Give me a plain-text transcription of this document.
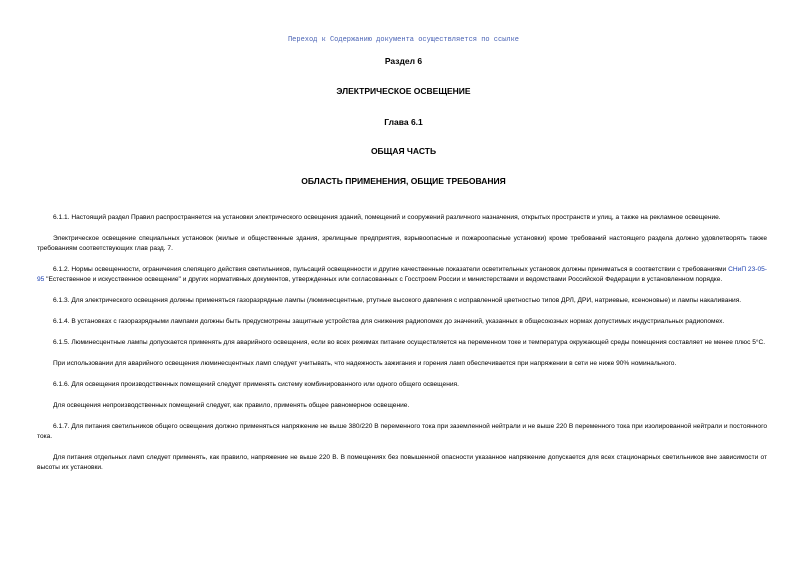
Переход к Содержанию документа осуществляется по ссылке
Раздел 6
ЭЛЕКТРИЧЕСКОЕ ОСВЕЩЕНИЕ
Глава 6.1
ОБЩАЯ ЧАСТЬ
ОБЛАСТЬ ПРИМЕНЕНИЯ, ОБЩИЕ ТРЕБОВАНИЯ

6.1.1. Настоящий раздел Правил распространяется на установки электрического освещения зданий, помещений и сооружений различного назначения, открытых пространств и улиц, а также на рекламное освещение.

Электрическое освещение специальных установок (жилые и общественные здания, зрелищные предприятия, взрывоопасные и пожароопасные установки) кроме требований настоящего раздела должно удовлетворять также требованиям соответствующих глав разд. 7.

6.1.2. Нормы освещенности, ограничения слепящего действия светильников, пульсаций освещенности и другие качественные показатели осветительных установок должны приниматься в соответствии с требованиями СНиП 23-05-95 "Естественное и искусственное освещение" и других нормативных документов, утвержденных или согласованных с Госстроем России и министерствами и ведомствами Российской Федерации в установленном порядке.

6.1.3. Для электрического освещения должны применяться газоразрядные лампы (люминесцентные, ртутные высокого давления с исправленной цветностью типов ДРЛ, ДРИ, натриевые, ксеноновые) и лампы накаливания.

6.1.4. В установках с газоразрядными лампами должны быть предусмотрены защитные устройства для снижения радиопомех до значений, указанных в общесоюзных нормах допустимых индустриальных радиопомех.

6.1.5. Люминесцентные лампы допускается применять для аварийного освещения, если во всех режимах питание осуществляется на переменном токе и температура окружающей среды помещения составляет не менее плюс 5°С.

При использовании для аварийного освещения люминесцентных ламп следует учитывать, что надежность зажигания и горения ламп обеспечивается при напряжении в сети не ниже 90% номинального.

6.1.6. Для освещения производственных помещений следует применять систему комбинированного или одного общего освещения.

Для освещения непроизводственных помещений следует, как правило, применять общее равномерное освещение.

6.1.7. Для питания светильников общего освещения должно применяться напряжение не выше 380/220 В переменного тока при заземленной нейтрали и не выше 220 В переменного тока при изолированной нейтрали и постоянного тока.

Для питания отдельных ламп следует применять, как правило, напряжение не выше 220 В. В помещениях без повышенной опасности указанное напряжение допускается для всех стационарных светильников вне зависимости от высоты их установки.
